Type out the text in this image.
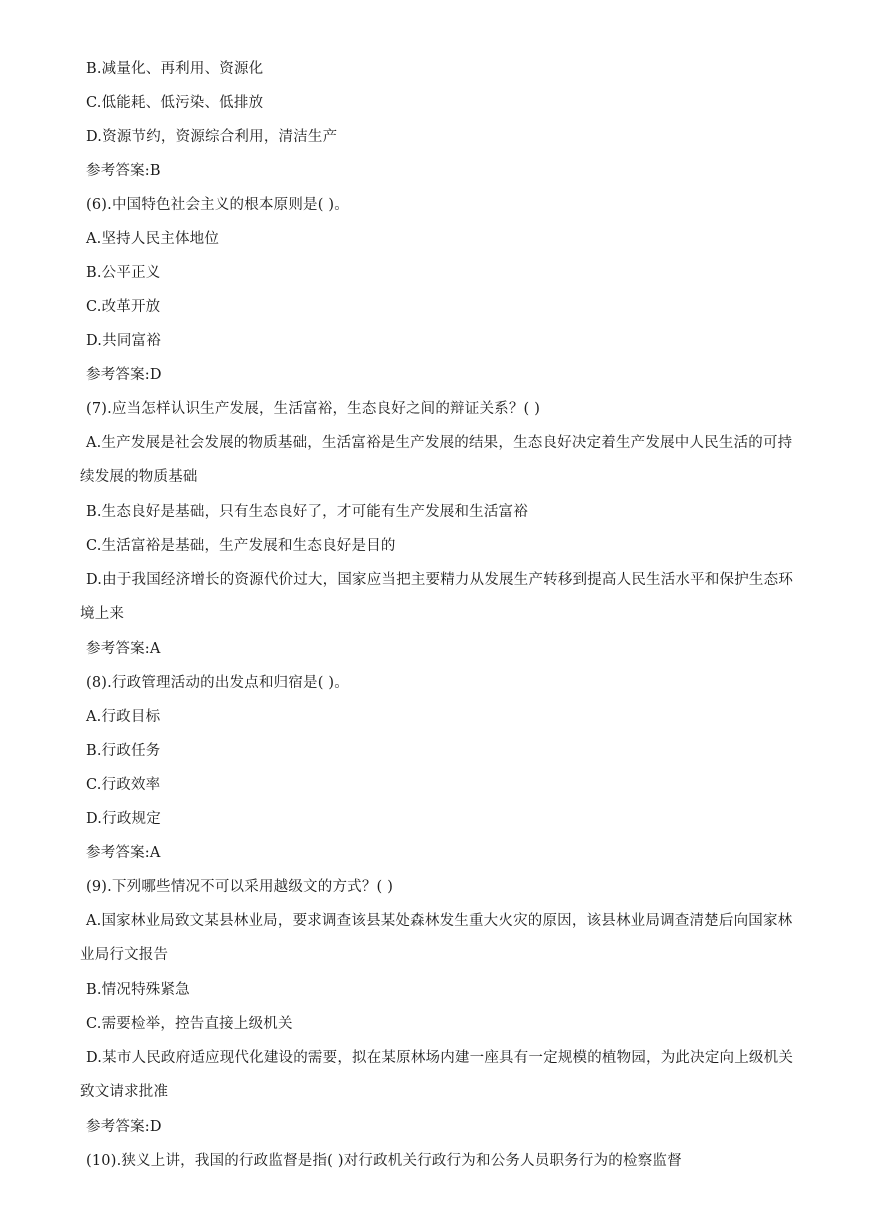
B.减量化、再利用、资源化
C.低能耗、低污染、低排放
D.资源节约，资源综合利用，清洁生产
参考答案:B
(6).中国特色社会主义的根本原则是( )。
A.坚持人民主体地位
B.公平正义
C.改革开放
D.共同富裕
参考答案:D
(7).应当怎样认识生产发展，生活富裕，生态良好之间的辩证关系？( )
A.生产发展是社会发展的物质基础，生活富裕是生产发展的结果，生态良好决定着生产发展中人民生活的可持
续发展的物质基础
B.生态良好是基础，只有生态良好了，才可能有生产发展和生活富裕
C.生活富裕是基础，生产发展和生态良好是目的
D.由于我国经济增长的资源代价过大，国家应当把主要精力从发展生产转移到提高人民生活水平和保护生态环
境上来
参考答案:A
(8).行政管理活动的出发点和归宿是( )。
A.行政目标
B.行政任务
C.行政效率
D.行政规定
参考答案:A
(9).下列哪些情况不可以采用越级文的方式？( )
A.国家林业局致文某县林业局，要求调查该县某处森林发生重大火灾的原因，该县林业局调查清楚后向国家林
业局行文报告
B.情况特殊紧急
C.需要检举，控告直接上级机关
D.某市人民政府适应现代化建设的需要，拟在某原林场内建一座具有一定规模的植物园，为此决定向上级机关
致文请求批准
参考答案:D
(10).狭义上讲，我国的行政监督是指( )对行政机关行政行为和公务人员职务行为的检察监督
